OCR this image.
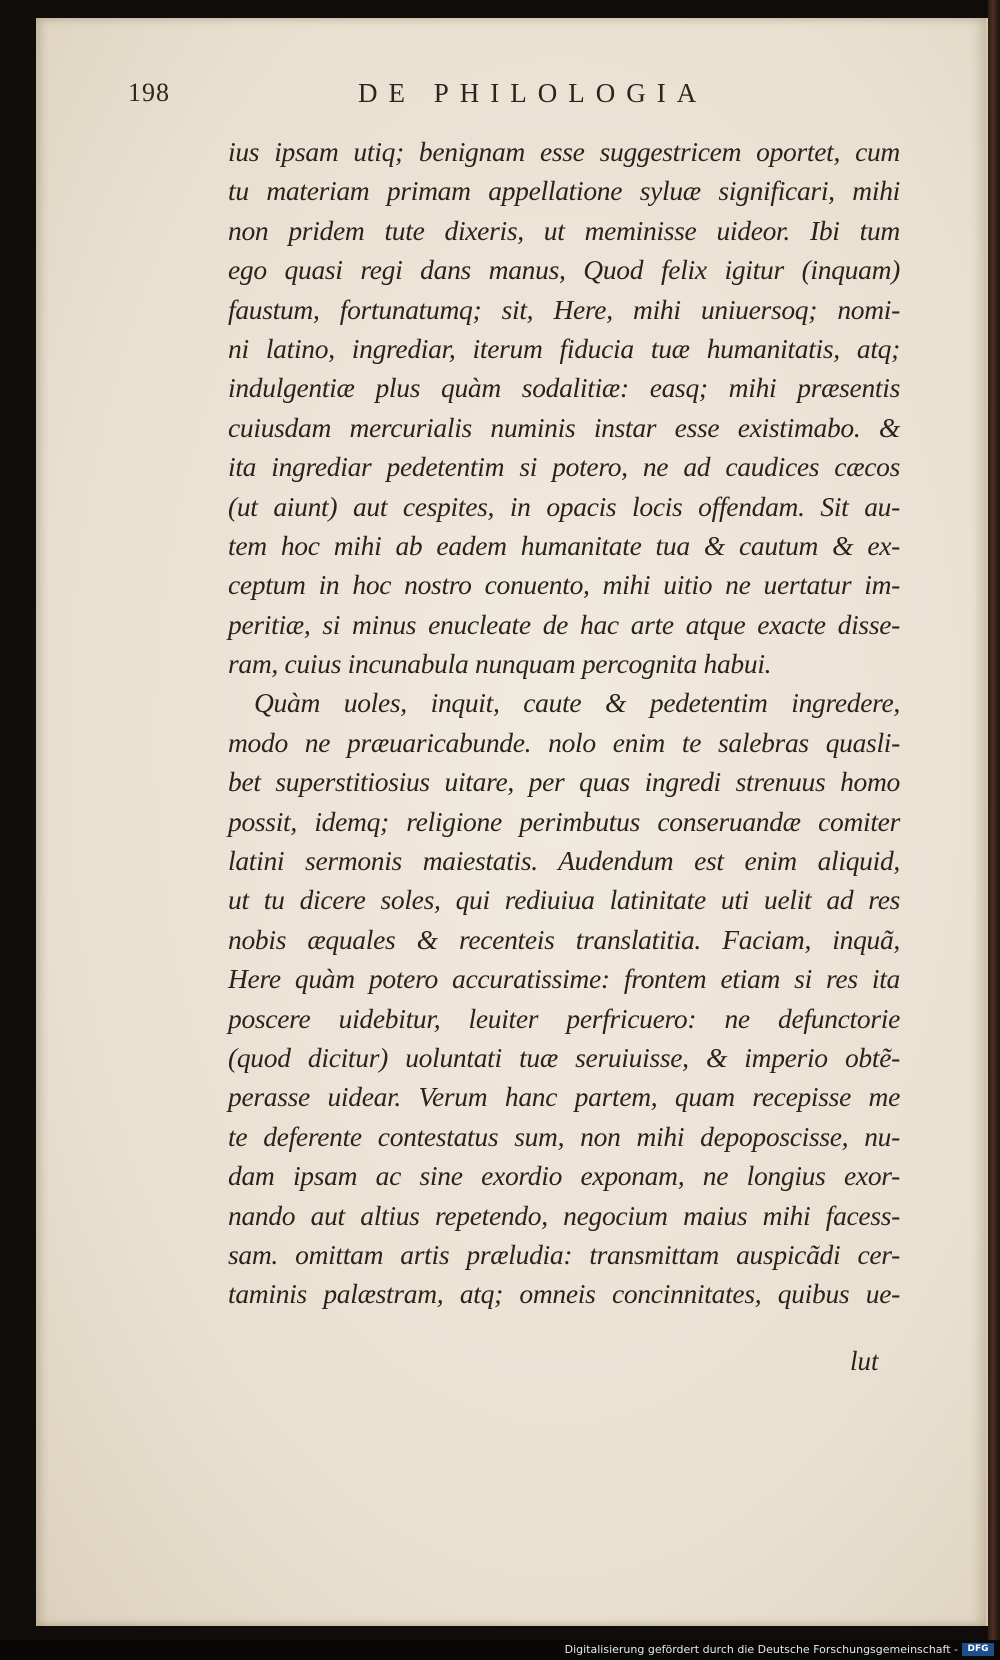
198	DE PHILOLOGIA
ius ipsam utiq; benignam esse suggestricem oportet, cum
tu materiam primam appellatione syluæ significari, mihi
non pridem tute dixeris, ut meminisse uideor. Ibi tum
ego quasi regi dans manus, Quod felix igitur (inquam)
faustum, fortunatumq; sit, Here, mihi uniuersoq; nomi-
ni latino, ingrediar, iterum fiducia tuæ humanitatis, atq;
indulgentiæ plus quàm sodalitiæ: easq; mihi præsentis
cuiusdam mercurialis numinis instar esse existimabo. &
ita ingrediar pedetentim si potero, ne ad caudices cæcos
(ut aiunt) aut cespites, in opacis locis offendam. Sit au-
tem hoc mihi ab eadem humanitate tua & cautum & ex-
ceptum in hoc nostro conuento, mihi uitio ne uertatur im-
peritiæ, si minus enucleate de hac arte atque exacte disse-
ram, cuius incunabula nunquam percognita habui.
Quàm uoles, inquit, caute & pedetentim ingredere,
modo ne præuaricabunde. nolo enim te salebras quasli-
bet superstitiosius uitare, per quas ingredi strenuus homo
possit, idemq; religione perimbutus conseruandæ comiter
latini sermonis maiestatis. Audendum est enim aliquid,
ut tu dicere soles, qui rediuiua latinitate uti uelit ad res
nobis æquales & recenteis translatitia. Faciam, inquã,
Here quàm potero accuratissime: frontem etiam si res ita
poscere uidebitur, leuiter perfricuero: ne defunctorie
(quod dicitur) uoluntati tuæ seruiuisse, & imperio obtẽ-
perasse uidear. Verum hanc partem, quam recepisse me
te deferente contestatus sum, non mihi depoposcisse, nu-
dam ipsam ac sine exordio exponam, ne longius exor-
nando aut altius repetendo, negocium maius mihi facess-
sam. omittam artis præludia: transmittam auspicãdi cer-
taminis palæstram, atq; omneis concinnitates, quibus ue-
lut
Digitalisierung gefördert durch die Deutsche Forschungsgemeinschaft -	DFG
